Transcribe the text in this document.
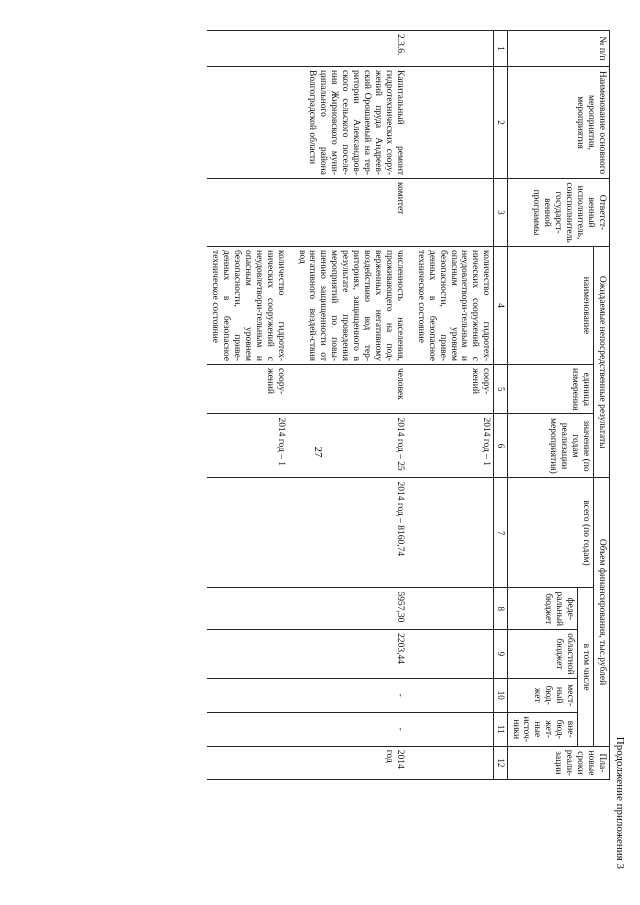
27
Продолжение приложения 3
№ п/п	Наименование основного мероприятия, мероприятия	Ответст-венный исполнитель, соисполнитель государст-венной программы	Ожидаемые непосредственные результаты			Объем финансирования, тыс.рублей					Пла-новые сроки реали-зации
			наименование	единица измерения	значение (по годам реализации мероприятия)	всего (по годам)	в том числе				
							феде-ральный бюджет	областной бюджет	мест-ный бюд-жет	вне-бюд-жет-ные источ-ники	
1	2	3	4	5	6	7	8	9	10	11	12
			количество гидротех-нических сооружений с неудовлетвори-тельным и опасным уровнем безопасности, приве-денных в безопасное техническое состояние	соору-жений	2014 год – 1						
2.3.6.	Капитальный ремонт гидротехнических соору-жений пруда Андреев-ский Орошаемый на тер-ритории Александров-ского сельского поселе-ния Жирновского муни-ципального района Волгоградской области	комитет	численность населения, проживающего на под-верженных негативному воздействию вод тер-риториях, защищенного в результате проведения мероприятий по повы-шению защищенности от негативного воздей-ствия вод	человек	2014 год – 25	2014 год – 8160,74	5957,30	2203,44	-	-	2014 год
			количество гидротех-нических сооружений с неудовлетвори-тельным и опасным уровнем безопасности, приве-денных в безопасное техническое состояние	соору-жений	2014 год – 1						
